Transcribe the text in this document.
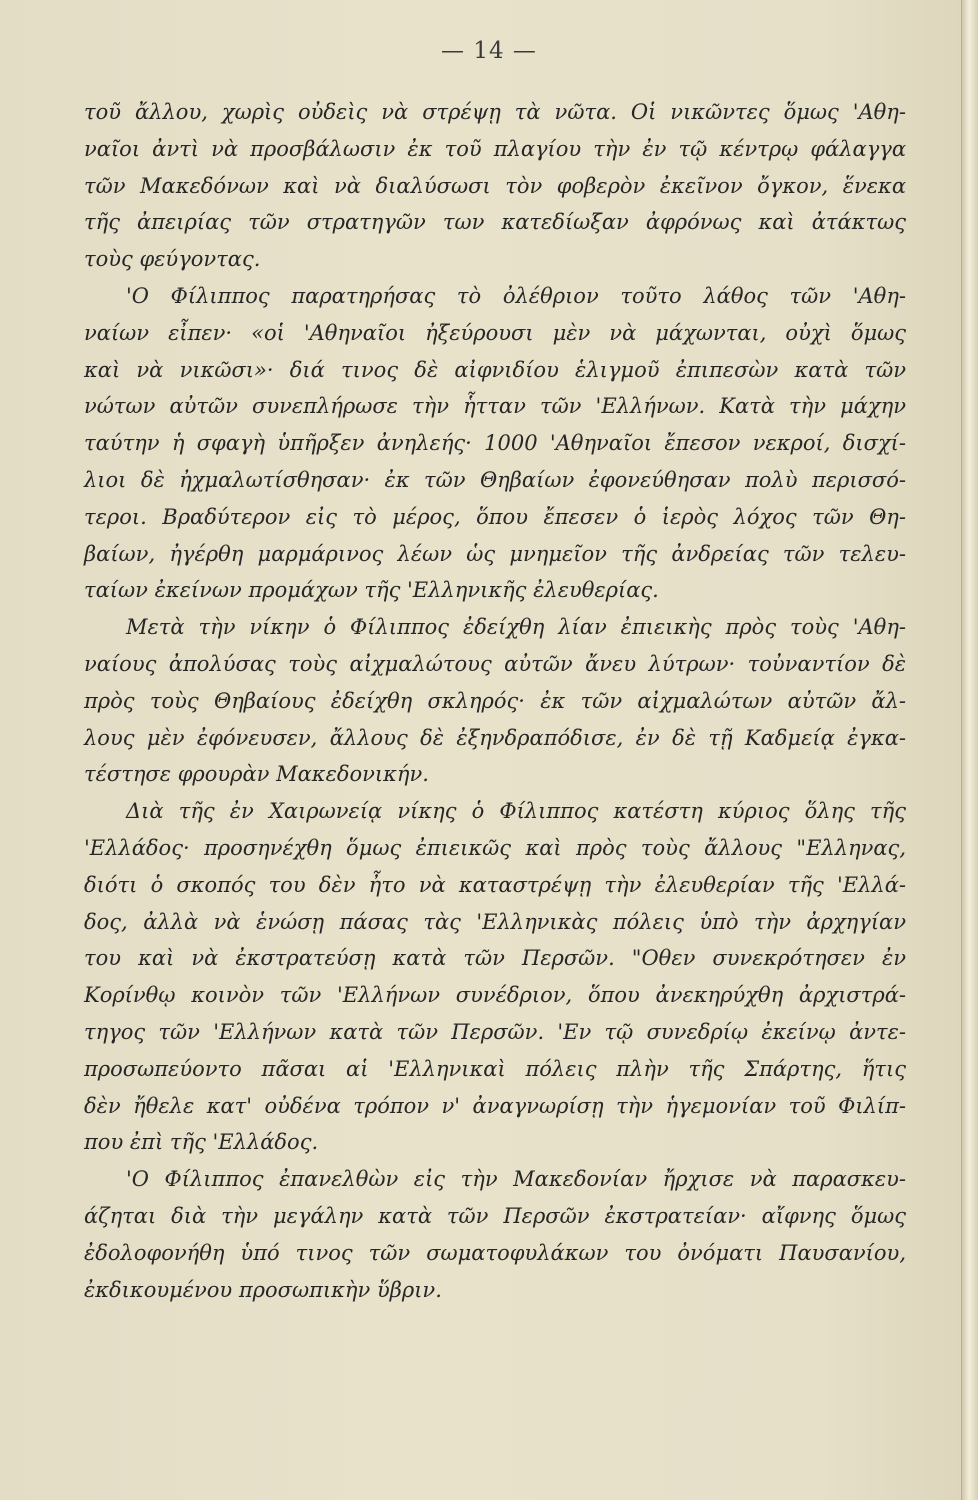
— 14 —
τοῦ ἄλλου, χωρὶς οὐδεὶς νὰ στρέψῃ τὰ νῶτα. Οἱ νικῶντες ὅμως 'Αθη-
ναῖοι ἀντὶ νὰ προσβάλωσιν ἐκ τοῦ πλαγίου τὴν ἐν τῷ κέντρῳ φάλαγγα
τῶν Μακεδόνων καὶ νὰ διαλύσωσι τὸν φοβερὸν ἐκεῖνον ὄγκον, ἕνεκα
τῆς ἀπειρίας τῶν στρατηγῶν των κατεδίωξαν ἀφρόνως καὶ ἀτάκτως
τοὺς φεύγοντας.
'Ο Φίλιππος παρατηρήσας τὸ ὀλέθριον τοῦτο λάθος τῶν 'Αθη-
ναίων εἶπεν· «οἱ 'Αθηναῖοι ἠξεύρουσι μὲν νὰ μάχωνται, οὐχὶ ὅμως
καὶ νὰ νικῶσι»· διά τινος δὲ αἰφνιδίου ἑλιγμοῦ ἐπιπεσὼν κατὰ τῶν
νώτων αὐτῶν συνεπλήρωσε τὴν ἧτταν τῶν 'Ελλήνων. Κατὰ τὴν μάχην
ταύτην ἡ σφαγὴ ὑπῆρξεν ἀνηλεής· 1000 'Αθηναῖοι ἔπεσον νεκροί, δισχί-
λιοι δὲ ἠχμαλωτίσθησαν· ἐκ τῶν Θηβαίων ἐφονεύθησαν πολὺ περισσό-
τεροι. Βραδύτερον εἰς τὸ μέρος, ὅπου ἔπεσεν ὁ ἱερὸς λόχος τῶν Θη-
βαίων, ἠγέρθη μαρμάρινος λέων ὡς μνημεῖον τῆς ἀνδρείας τῶν τελευ-
ταίων ἐκείνων προμάχων τῆς 'Ελληνικῆς ἐλευθερίας.
Μετὰ τὴν νίκην ὁ Φίλιππος ἐδείχθη λίαν ἐπιεικὴς πρὸς τοὺς 'Αθη-
ναίους ἀπολύσας τοὺς αἰχμαλώτους αὐτῶν ἄνευ λύτρων· τοὐναντίον δὲ
πρὸς τοὺς Θηβαίους ἐδείχθη σκληρός· ἐκ τῶν αἰχμαλώτων αὐτῶν ἄλ-
λους μὲν ἐφόνευσεν, ἄλλους δὲ ἐξηνδραπόδισε, ἐν δὲ τῇ Καδμείᾳ ἐγκα-
τέστησε φρουρὰν Μακεδονικήν.
Διὰ τῆς ἐν Χαιρωνείᾳ νίκης ὁ Φίλιππος κατέστη κύριος ὅλης τῆς
'Ελλάδος· προσηνέχθη ὅμως ἐπιεικῶς καὶ πρὸς τοὺς ἄλλους "Ελληνας,
διότι ὁ σκοπός του δὲν ἦτο νὰ καταστρέψῃ τὴν ἐλευθερίαν τῆς 'Ελλά-
δος, ἀλλὰ νὰ ἑνώσῃ πάσας τὰς 'Ελληνικὰς πόλεις ὑπὸ τὴν ἀρχηγίαν
του καὶ νὰ ἐκστρατεύσῃ κατὰ τῶν Περσῶν. "Οθεν συνεκρότησεν ἐν
Κορίνθῳ κοινὸν τῶν 'Ελλήνων συνέδριον, ὅπου ἀνεκηρύχθη ἀρχιστρά-
τηγος τῶν 'Ελλήνων κατὰ τῶν Περσῶν. 'Εν τῷ συνεδρίῳ ἐκείνῳ ἀντε-
προσωπεύοντο πᾶσαι αἱ 'Ελληνικαὶ πόλεις πλὴν τῆς Σπάρτης, ἥτις
δὲν ἤθελε κατ' οὐδένα τρόπον ν' ἀναγνωρίσῃ τὴν ἡγεμονίαν τοῦ Φιλίπ-
που ἐπὶ τῆς 'Ελλάδος.
'Ο Φίλιππος ἐπανελθὼν εἰς τὴν Μακεδονίαν ἤρχισε νὰ παρασκευ-
άζηται διὰ τὴν μεγάλην κατὰ τῶν Περσῶν ἐκστρατείαν· αἴφνης ὅμως
ἐδολοφονήθη ὑπό τινος τῶν σωματοφυλάκων του ὀνόματι Παυσανίου,
ἐκδικουμένου προσωπικὴν ὕβριν.
